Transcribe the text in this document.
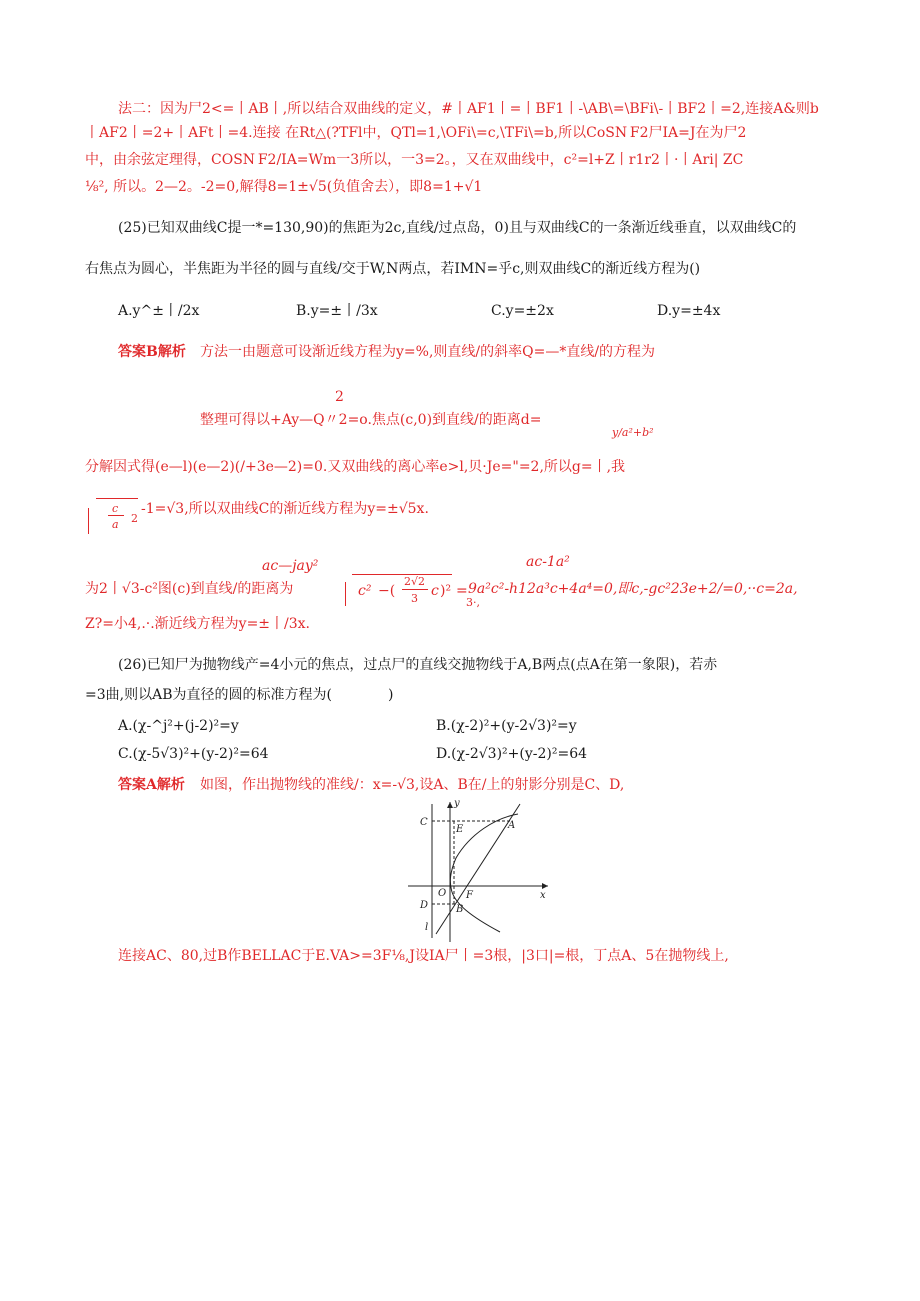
法二：因为尸2<=丨AB丨,所以结合双曲线的定义，#丨AF1丨=丨BF1丨-\AB\=\BFi\-丨BF2丨=2,连接A&则b
丨AF2丨=2+丨AFt丨=4.连接 在Rt△(?TFl中，QTl=1,\OFi\=c,\TFi\=b,所以CoSN F2尸IA=J在为尸2
中，由余弦定理得，COSN F2/IA=Wm一3所以，一3=2。，又在双曲线中，c²=l+Z丨r1r2丨·丨Ari| ZC
⅛², 所以。2—2。-2=0,解得8=1±√5(负值舍去），即8=1+√1
(25)已知双曲线C提一*=130,90)的焦距为2c,直线/过点岛，0)且与双曲线C的一条渐近线垂直，以双曲线C的
右焦点为圆心，半焦距为半径的圆与直线/交于W,N两点，若IMN=乎c,则双曲线C的渐近线方程为()
A.y^±丨/2x	B.y=±丨/3x	C.y=±2x	D.y=±4x
答案B解析 方法一由题意可设渐近线方程为y=%,则直线/的斜率Q=—*直线/的方程为
2
整理可得以+Ay—Q〃2=o.焦点(c,0)到直线/的距离d=
y/a²+b²
分解因式得(e—l)(e—2)(/+3e—2)=0.又双曲线的离心率e>l,贝·Je="=2,所以g=丨,我
c
a 2
-1=√3,所以双曲线C的渐近线方程为y=±√5x.
ac—jay²	ac-1a²
为2丨√3-c²图(c)到直线/的距离为	c² −(
2√2
3 c )² = 9a²c²-h12a³c+4a⁴=0,即c,-gc²23e+2/=0,··c=2a,
3·,
Z?=小4,.·.渐近线方程为y=±丨/3x.
(26)已知尸为抛物线产=4小元的焦点，过点尸的直线交抛物线于A,B两点(点A在第一象限)，若赤
=3曲,则以AB为直径的圆的标准方程为(　　　　)
A.(χ-^j²+(j-2)²=y	B.(χ-2)²+(y-2√3)²=y
C.(χ-5√3)²+(y-2)²=64	D.(χ-2√3)²+(y-2)²=64
答案A解析 如图，作出抛物线的准线/：x=-√3,设A、B在/上的射影分别是C、D,
y
x
C
E	A
O F
D	B
l
连接AC、80,过B作BELLAC于E.VA>=3F⅛,J设IA尸丨=3根，|3口|=根，丁点A、5在抛物线上,
